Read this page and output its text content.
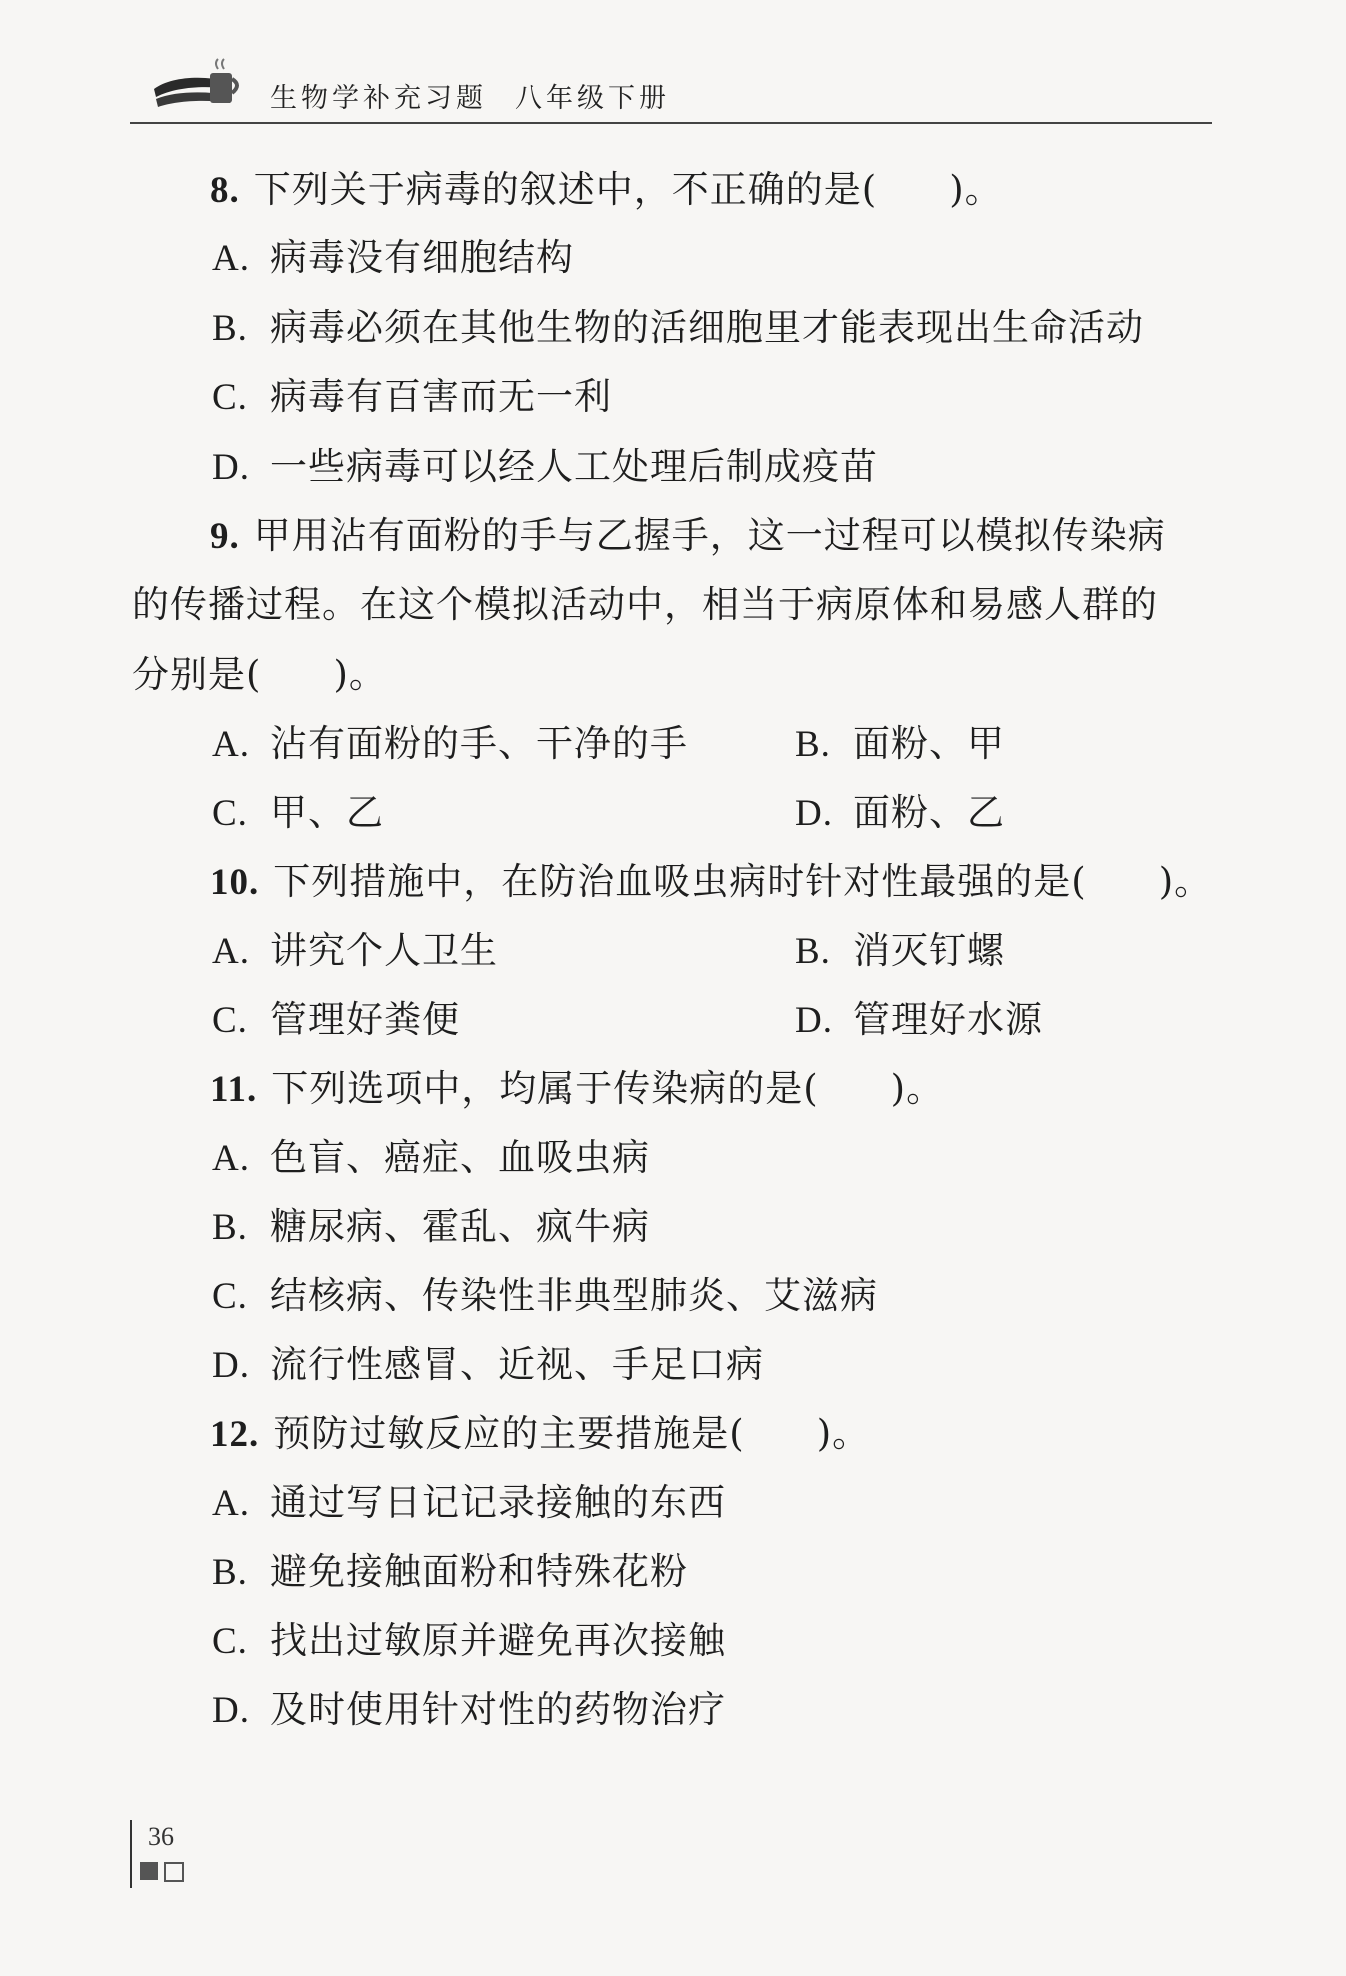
生物学补充习题 八年级下册
8. 下列关于病毒的叙述中，不正确的是( )。
A. 病毒没有细胞结构
B. 病毒必须在其他生物的活细胞里才能表现出生命活动
C. 病毒有百害而无一利
D. 一些病毒可以经人工处理后制成疫苗
9. 甲用沾有面粉的手与乙握手，这一过程可以模拟传染病
的传播过程。在这个模拟活动中，相当于病原体和易感人群的
分别是( )。
A. 沾有面粉的手、干净的手	B. 面粉、甲
C. 甲、乙	D. 面粉、乙
10. 下列措施中，在防治血吸虫病时针对性最强的是( )。
A. 讲究个人卫生	B. 消灭钉螺
C. 管理好粪便	D. 管理好水源
11. 下列选项中，均属于传染病的是( )。
A. 色盲、癌症、血吸虫病
B. 糖尿病、霍乱、疯牛病
C. 结核病、传染性非典型肺炎、艾滋病
D. 流行性感冒、近视、手足口病
12. 预防过敏反应的主要措施是( )。
A. 通过写日记记录接触的东西
B. 避免接触面粉和特殊花粉
C. 找出过敏原并避免再次接触
D. 及时使用针对性的药物治疗
36
